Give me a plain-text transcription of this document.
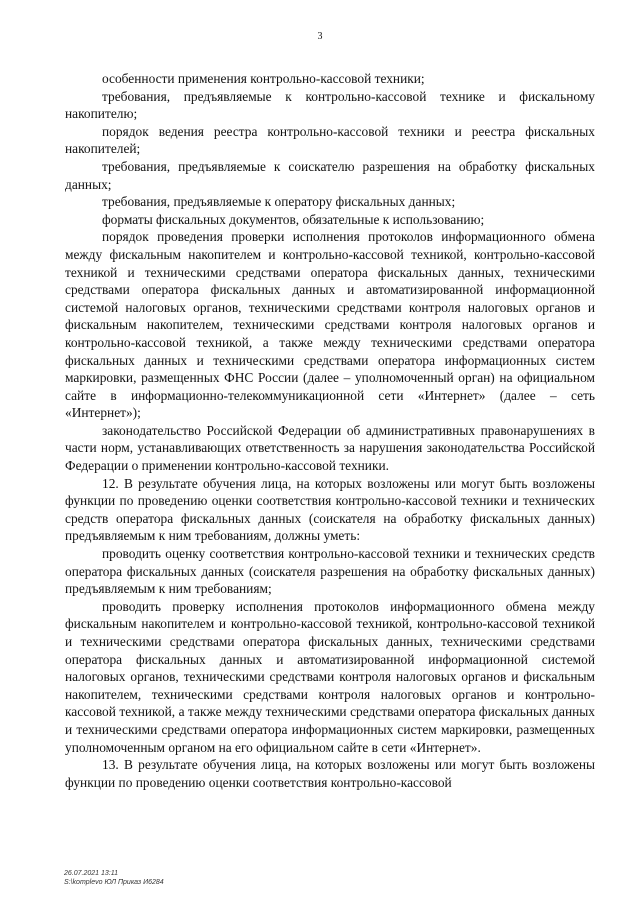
3

особенности применения контрольно-кассовой техники;

требования, предъявляемые к контрольно-кассовой технике и фискальному накопителю;

порядок ведения реестра контрольно-кассовой техники и реестра фискальных накопителей;

требования, предъявляемые к соискателю разрешения на обработку фискальных данных;

требования, предъявляемые к оператору фискальных данных;

форматы фискальных документов, обязательные к использованию;

порядок проведения проверки исполнения протоколов информационного обмена между фискальным накопителем и контрольно-кассовой техникой, контрольно-кассовой техникой и техническими средствами оператора фискальных данных, техническими средствами оператора фискальных данных и автоматизированной информационной системой налоговых органов, техническими средствами контроля налоговых органов и фискальным накопителем, техническими средствами контроля налоговых органов и контрольно-кассовой техникой, а также между техническими средствами оператора фискальных данных и техническими средствами оператора информационных систем маркировки, размещенных ФНС России (далее – уполномоченный орган) на официальном сайте в информационно-телекоммуникационной сети «Интернет» (далее – сеть «Интернет»);

законодательство Российской Федерации об административных правонарушениях в части норм, устанавливающих ответственность за нарушения законодательства Российской Федерации о применении контрольно-кассовой техники.

12. В результате обучения лица, на которых возложены или могут быть возложены функции по проведению оценки соответствия контрольно-кассовой техники и технических средств оператора фискальных данных (соискателя на обработку фискальных данных) предъявляемым к ним требованиям, должны уметь:

проводить оценку соответствия контрольно-кассовой техники и технических средств оператора фискальных данных (соискателя разрешения на обработку фискальных данных) предъявляемым к ним требованиям;

проводить проверку исполнения протоколов информационного обмена между фискальным накопителем и контрольно-кассовой техникой, контрольно-кассовой техникой и техническими средствами оператора фискальных данных, техническими средствами оператора фискальных данных и автоматизированной информационной системой налоговых органов, техническими средствами контроля налоговых органов и фискальным накопителем, техническими средствами контроля налоговых органов и контрольно-кассовой техникой, а также между техническими средствами оператора фискальных данных и техническими средствами оператора информационных систем маркировки, размещенных уполномоченным органом на его официальном сайте в сети «Интернет».

13. В результате обучения лица, на которых возложены или могут быть возложены функции по проведению оценки соответствия контрольно-кассовой

26.07.2021 13:11
S:\komplevo ЮЛ Приказ И6284
